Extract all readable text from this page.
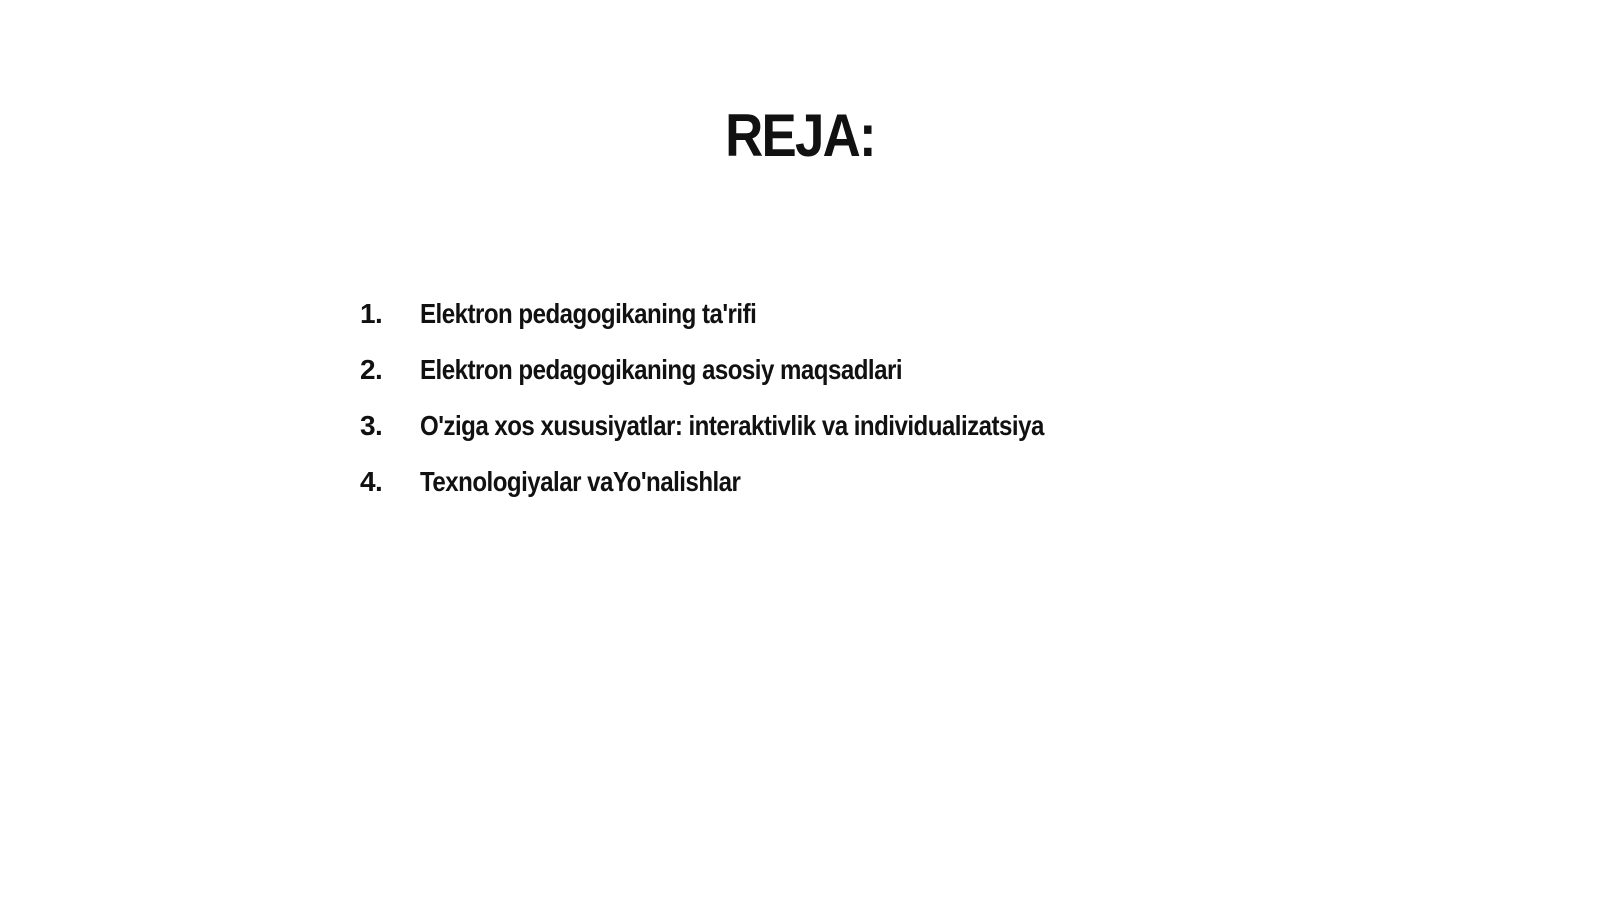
REJA:
1.	Elektron pedagogikaning ta'rifi
2.	Elektron pedagogikaning asosiy maqsadlari
3.	O'ziga xos xususiyatlar: interaktivlik va individualizatsiya
4.	Texnologiyalar vaYo'nalishlar
